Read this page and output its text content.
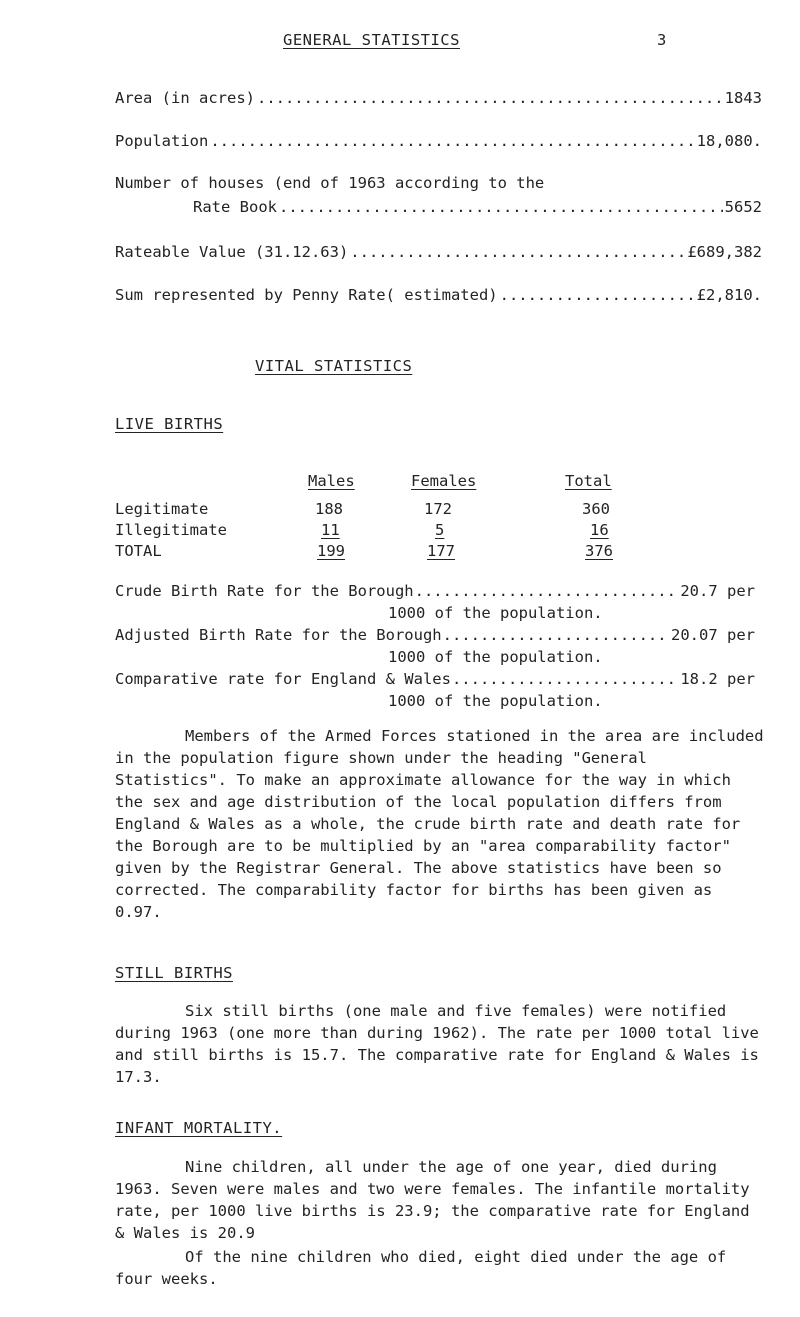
GENERAL STATISTICS	3
Area (in acres) .....	1843
Population .....	18,080.
Number of houses (end of 1963 according to the
Rate Book .....	5652
Rateable Value (31.12.63) .....	£689,382
Sum represented by Penny Rate( estimated) .....	£2,810.
VITAL STATISTICS
LIVE BIRTHS
Males	Females	Total
Legitimate	188	172	360
Illegitimate	11	5	16
TOTAL	199	177	376
Crude Birth Rate for the Borough .....	20.7 per
1000 of the population.
Adjusted Birth Rate for the Borough .....	20.07 per
1000 of the population.
Comparative rate for England & Wales .....	18.2 per
1000 of the population.
Members of the Armed Forces stationed in the area are included in the population figure shown under the heading "General Statistics". To make an approximate allowance for the way in which the sex and age distribution of the local population differs from England & Wales as a whole, the crude birth rate and death rate for the Borough are to be multiplied by an "area comparability factor" given by the Registrar General. The above statistics have been so corrected. The comparability factor for births has been given as 0.97.
STILL BIRTHS
Six still births (one male and five females) were notified during 1963 (one more than during 1962). The rate per 1000 total live and still births is 15.7. The comparative rate for England & Wales is 17.3.
INFANT MORTALITY.
Nine children, all under the age of one year, died during 1963. Seven were males and two were females. The infantile mortality rate, per 1000 live births is 23.9; the comparative rate for England & Wales is 20.9
Of the nine children who died, eight died under the age of four weeks.
